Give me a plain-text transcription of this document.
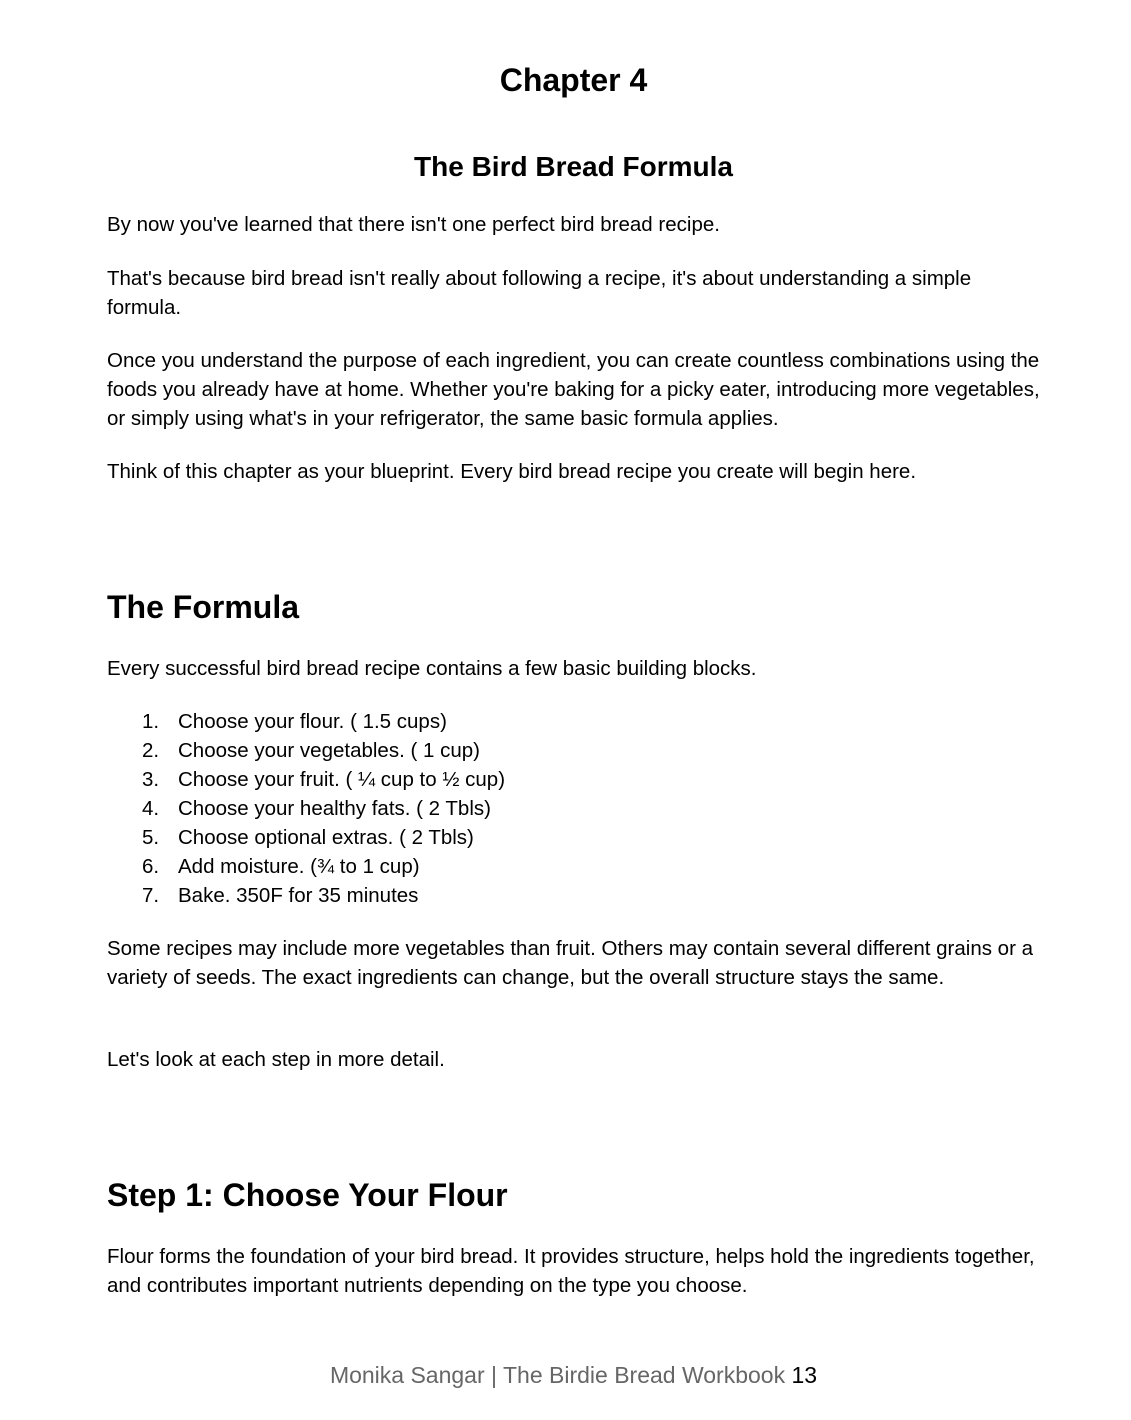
Chapter 4
The Bird Bread Formula

By now you've learned that there isn't one perfect bird bread recipe.

That's because bird bread isn't really about following a recipe, it's about understanding a simple formula.

Once you understand the purpose of each ingredient, you can create countless combinations using the foods you already have at home. Whether you're baking for a picky eater, introducing more vegetables, or simply using what's in your refrigerator, the same basic formula applies.

Think of this chapter as your blueprint. Every bird bread recipe you create will begin here.

The Formula

Every successful bird bread recipe contains a few basic building blocks.

1. Choose your flour. ( 1.5 cups)
2. Choose your vegetables. ( 1 cup)
3. Choose your fruit. ( ¼ cup to ½ cup)
4. Choose your healthy fats. ( 2 Tbls)
5. Choose optional extras. ( 2 Tbls)
6. Add moisture. (¾ to 1 cup)
7. Bake. 350F for 35 minutes

Some recipes may include more vegetables than fruit. Others may contain several different grains or a variety of seeds. The exact ingredients can change, but the overall structure stays the same.

Let's look at each step in more detail.

Step 1: Choose Your Flour

Flour forms the foundation of your bird bread. It provides structure, helps hold the ingredients together, and contributes important nutrients depending on the type you choose.

Monika Sangar | The Birdie Bread Workbook 13
